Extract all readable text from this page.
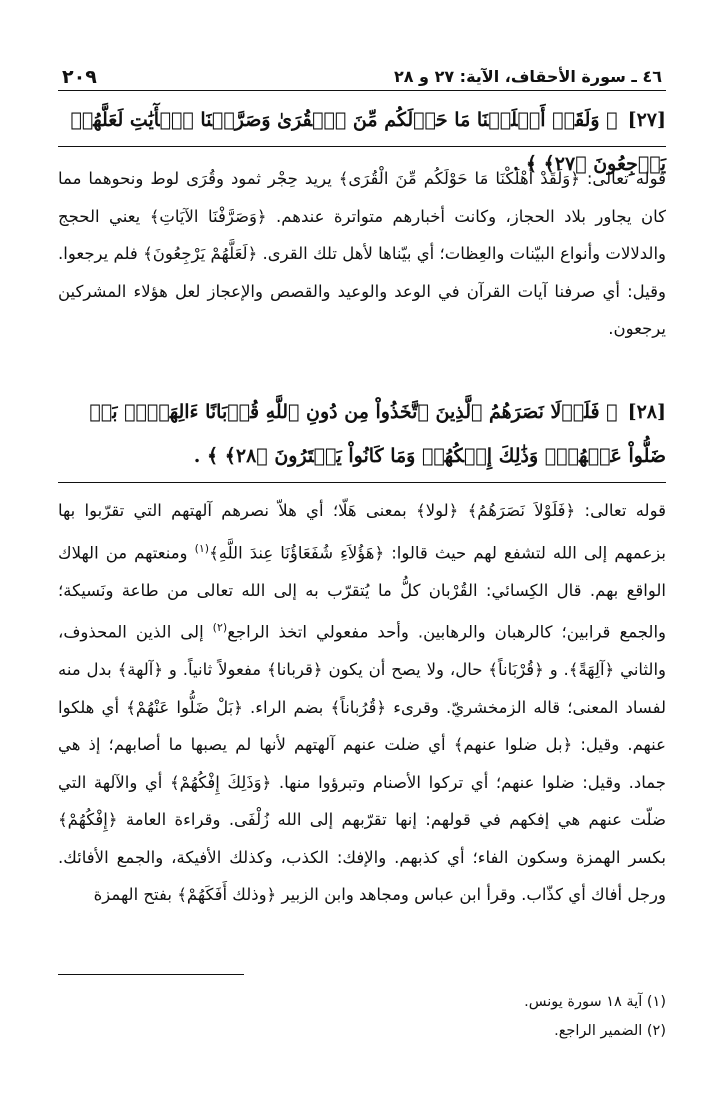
٤٦ ـ سورة الأحقاف، الآية: ٢٧ و ٢٨
٢٠٩
[٢٧]﴿ وَلَقَدۡ أَهۡلَكۡنَا مَا حَوۡلَكُم مِّنَ ٱلۡقُرَىٰ وَصَرَّفۡنَا ٱلۡأٓيَٰتِ لَعَلَّهُمۡ يَرۡجِعُونَ ﴿٢٧﴾ ﴾ .

قوله تعالى: ﴿وَلَقَدْ أَهْلَكْنَا مَا حَوْلَكُم مِّنَ الْقُرَى﴾ يريد حِجْر ثمود وقُرَى لوط ونحوهما مما كان يجاور بلاد الحجاز، وكانت أخبارهم متواترة عندهم. ﴿وَصَرَّفْنَا الآيَاتِ﴾ يعني الحجج والدلالات وأنواع البيّنات والعِظات؛ أي بيّناها لأهل تلك القرى. ﴿لَعَلَّهُمْ يَرْجِعُونَ﴾ فلم يرجعوا. وقيل: أي صرفنا آيات القرآن في الوعد والوعيد والقصص والإعجاز لعل هؤلاء المشركين يرجعون.

[٢٨]﴿ فَلَوۡلَا نَصَرَهُمُ ٱلَّذِينَ ٱتَّخَذُواْ مِن دُونِ ٱللَّهِ قُرۡبَانًا ءَالِهَةَۢۖ بَلۡ ضَلُّواْ عَنۡهُمۡۚ وَذَٰلِكَ إِفۡكُهُمۡ وَمَا كَانُواْ يَفۡتَرُونَ ﴿٢٨﴾ ﴾ .

قوله تعالى: ﴿فَلَوْلاَ نَصَرَهُمُ﴾ ﴿لولا﴾ بمعنى هَلّا؛ أي هلاّ نصرهم آلهتهم التي تقرّبوا بها بزعمهم إلى الله لتشفع لهم حيث قالوا: ﴿هَؤُلاَءِ شُفَعَاؤُنَا عِندَ اللَّهِ﴾$^{(١)}$ ومنعتهم من الهلاك الواقع بهم. قال الكِسائي: القُرْبان كلُّ ما يُتقرّب به إلى الله تعالى من طاعة ونَسيكة؛ والجمع قرابين؛ كالرهبان والرهابين. وأحد مفعولي اتخذ الراجع$^{(٢)}$ إلى الذين المحذوف، والثاني ﴿آلِهَةً﴾. و ﴿قُرْبَاناً﴾ حال، ولا يصح أن يكون ﴿قربانا﴾ مفعولاً ثانياً. و ﴿آلهة﴾ بدل منه لفساد المعنى؛ قاله الزمخشريّ. وقرىء ﴿قُرُباناً﴾ بضم الراء. ﴿بَلْ ضَلُّوا عَنْهُمْ﴾ أي هلكوا عنهم. وقيل: ﴿بل ضلوا عنهم﴾ أي ضلت عنهم آلهتهم لأنها لم يصبها ما أصابهم؛ إذ هي جماد. وقيل: ضلوا عنهم؛ أي تركوا الأصنام وتبرؤوا منها. ﴿وَذَلِكَ إِفْكُهُمْ﴾ أي والآلهة التي ضلّت عنهم هي إفكهم في قولهم: إنها تقرّبهم إلى الله زُلْفَى. وقراءة العامة ﴿إِفْكُهُمْ﴾ بكسر الهمزة وسكون الفاء؛ أي كذبهم. والإفك: الكذب، وكذلك الأفيكة، والجمع الأفائك. ورجل أفاك أي كذّاب. وقرأ ابن عباس ومجاهد وابن الزبير ﴿وذلك أَفَكَهُمْ﴾ بفتح الهمزة

(١) آية ١٨ سورة يونس.
(٢) الضمير الراجع.
